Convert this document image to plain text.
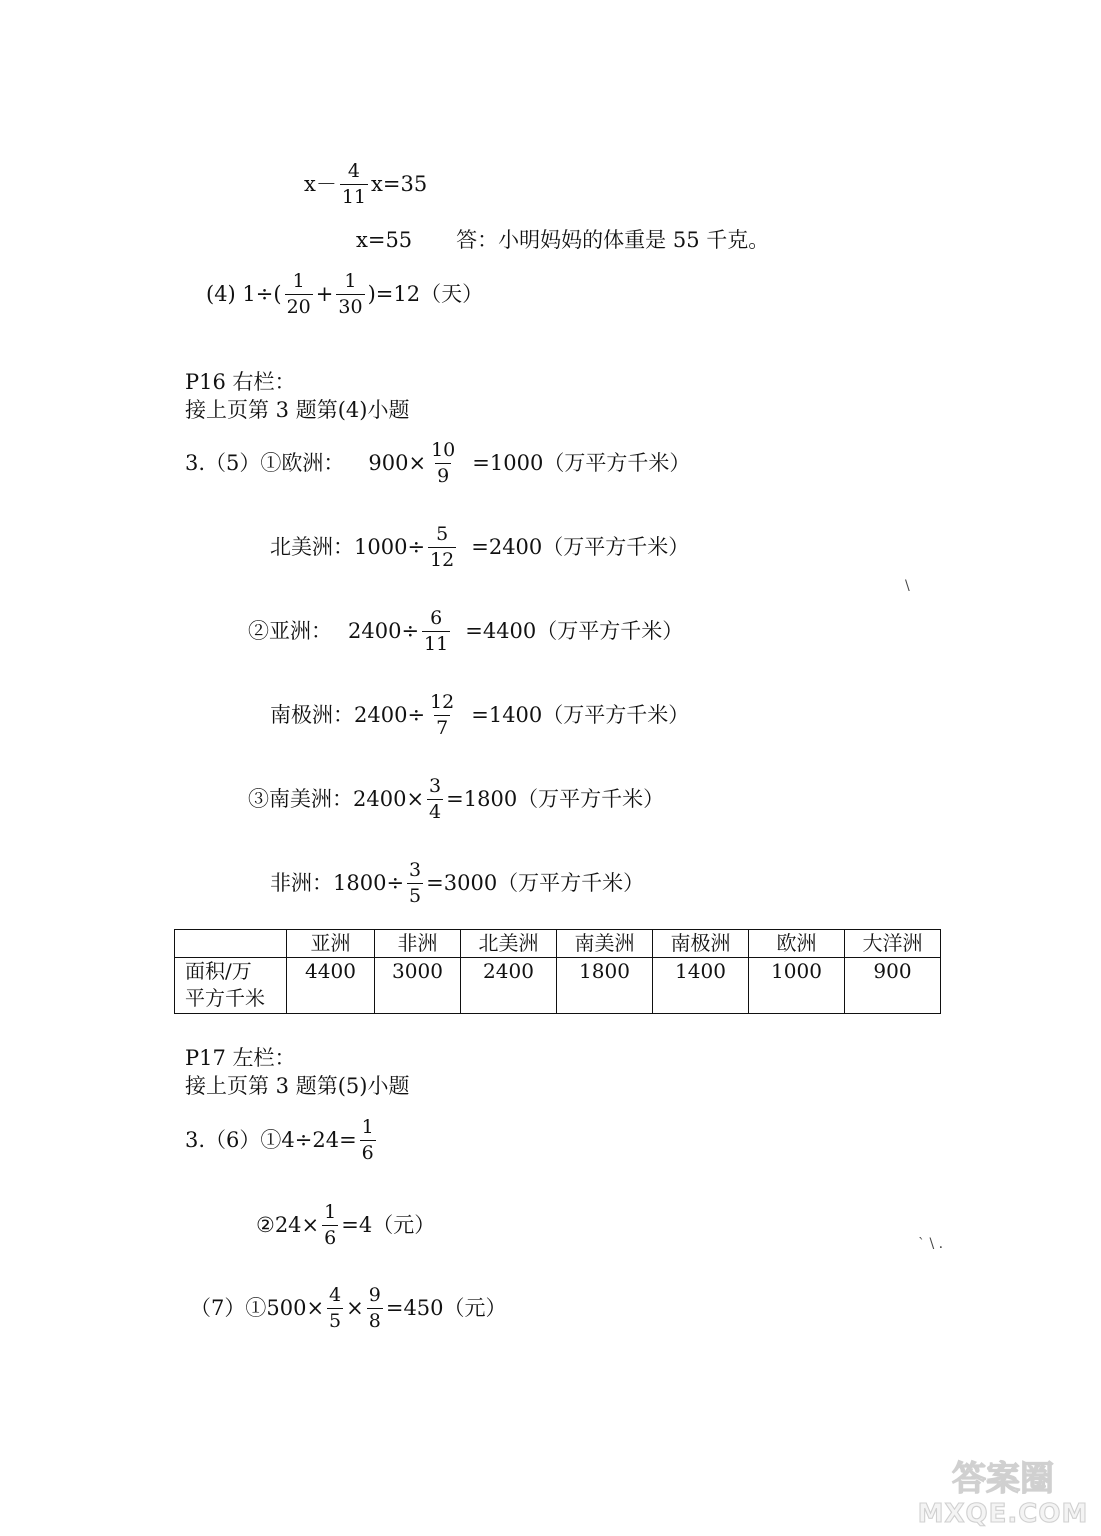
$x- \frac{4}{11} x=35$
x=55 答：小明妈妈的体重是 55 千克。
(4) $1\div( \frac{1}{20} + \frac{1}{30} )=12$（天）
P16 右栏：
接上页第 3 题第(4)小题
3.（5）①欧洲： $900\times \frac{10}{9} =1000$（万平方千米）
北美洲：$1000\div \frac{5}{12} =2400$（万平方千米）
②亚洲： $2400\div \frac{6}{11} =4400$（万平方千米）
南极洲：$2400\div \frac{12}{7} =1400$（万平方千米）
③南美洲：$2400\times \frac{3}{4} =1800$（万平方千米）
非洲：$1800\div \frac{3}{5} =3000$（万平方千米）
	亚洲	非洲	北美洲	南美洲	南极洲	欧洲	大洋洲

面积/万
平方千米	4400	3000	2400	1800	1400	1000	900
P17 左栏：
接上页第 3 题第(5)小题
3.（6）①4÷24= $\frac{1}{6}$
②24× $\frac{1}{6} =4$（元）
（7）①500× $\frac{4}{5} \times \frac{9}{8} =450$（元）
\
` \ .
答案圈
MXQE.COM
